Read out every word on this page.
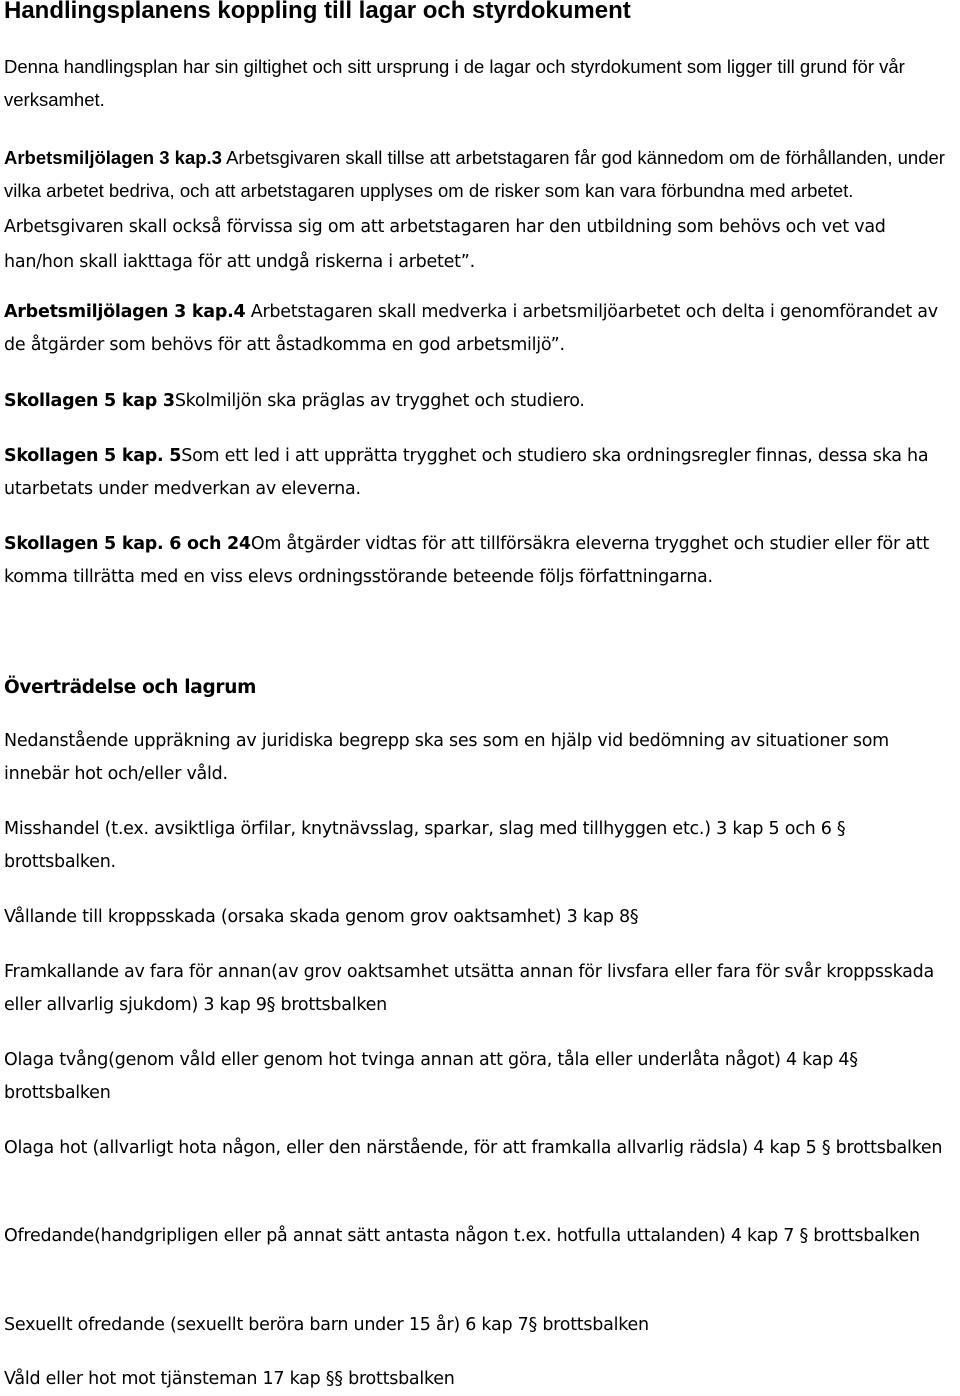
Handlingsplanens koppling till lagar och styrdokument

Denna handlingsplan har sin giltighet och sitt ursprung i de lagar och styrdokument som ligger till grund för vår verksamhet.

Arbetsmiljölagen 3 kap.3 Arbetsgivaren skall tillse att arbetstagaren får god kännedom om de förhållanden, under vilka arbetet bedriva, och att arbetstagaren upplyses om de risker som kan vara förbundna med arbetet. Arbetsgivaren skall också förvissa sig om att arbetstagaren har den utbildning som behövs och vet vad han/hon skall iakttaga för att undgå riskerna i arbetet”.

Arbetsmiljölagen 3 kap.4 Arbetstagaren skall medverka i arbetsmiljöarbetet och delta i genomförandet av de åtgärder som behövs för att åstadkomma en god arbetsmiljö”.

Skollagen 5 kap 3Skolmiljön ska präglas av trygghet och studiero.

Skollagen 5 kap. 5Som ett led i att upprätta trygghet och studiero ska ordningsregler finnas, dessa ska ha utarbetats under medverkan av eleverna.

Skollagen 5 kap. 6 och 24Om åtgärder vidtas för att tillförsäkra eleverna trygghet och studier eller för att komma tillrätta med en viss elevs ordningsstörande beteende följs författningarna.

Överträdelse och lagrum

Nedanstående uppräkning av juridiska begrepp ska ses som en hjälp vid bedömning av situationer som innebär hot och/eller våld.

Misshandel (t.ex. avsiktliga örfilar, knytnävsslag, sparkar, slag med tillhyggen etc.) 3 kap 5 och 6 § brottsbalken.

Vållande till kroppsskada (orsaka skada genom grov oaktsamhet) 3 kap 8§

Framkallande av fara för annan(av grov oaktsamhet utsätta annan för livsfara eller fara för svår kroppsskada eller allvarlig sjukdom) 3 kap 9§ brottsbalken

Olaga tvång(genom våld eller genom hot tvinga annan att göra, tåla eller underlåta något) 4 kap 4§ brottsbalken

Olaga hot (allvarligt hota någon, eller den närstående, för att framkalla allvarlig rädsla) 4 kap 5 § brottsbalken

Ofredande(handgripligen eller på annat sätt antasta någon t.ex. hotfulla uttalanden) 4 kap 7 § brottsbalken

Sexuellt ofredande (sexuellt beröra barn under 15 år) 6 kap 7§ brottsbalken

Våld eller hot mot tjänsteman 17 kap §§ brottsbalken
